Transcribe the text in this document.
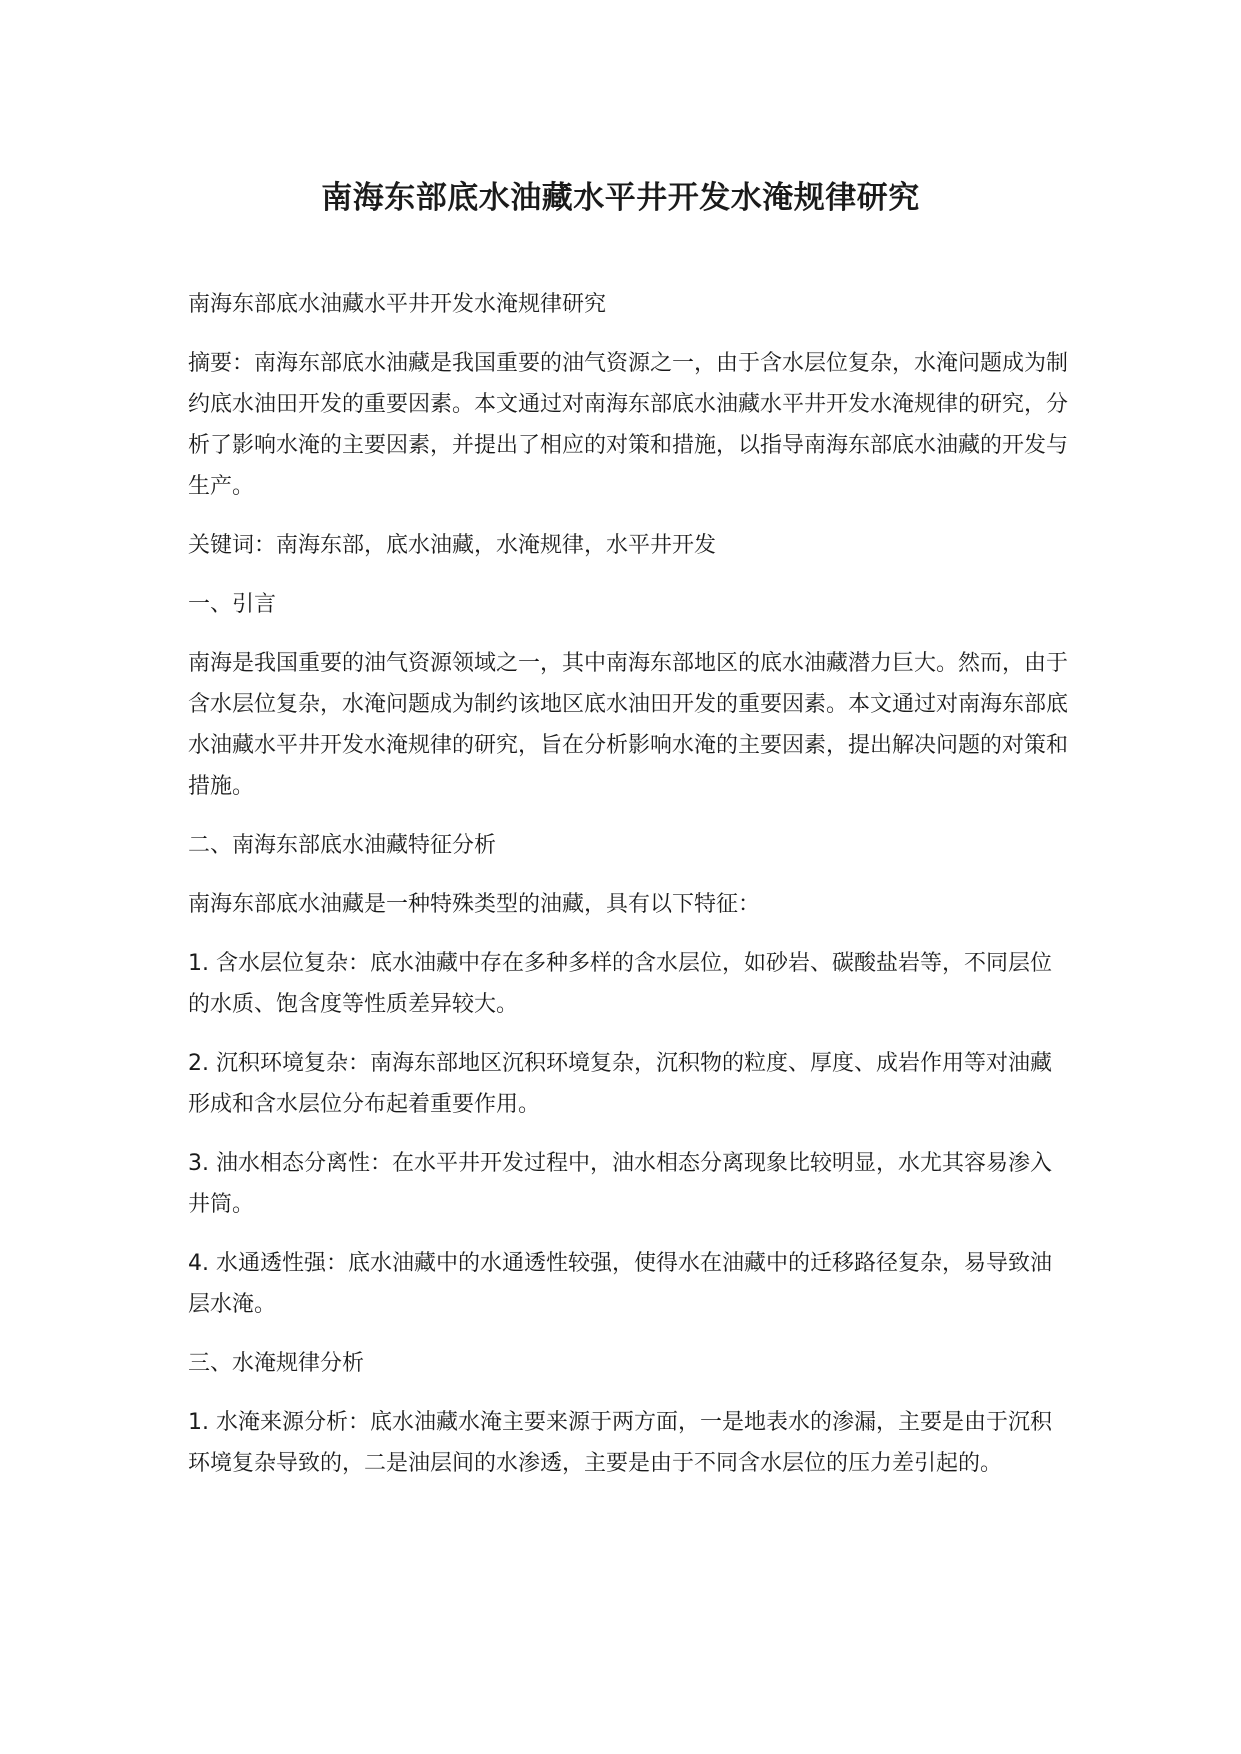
南海东部底水油藏水平井开发水淹规律研究

南海东部底水油藏水平井开发水淹规律研究

摘要：南海东部底水油藏是我国重要的油气资源之一，由于含水层位复杂，水淹问题成为制约底水油田开发的重要因素。本文通过对南海东部底水油藏水平井开发水淹规律的研究，分析了影响水淹的主要因素，并提出了相应的对策和措施，以指导南海东部底水油藏的开发与生产。

关键词：南海东部，底水油藏，水淹规律，水平井开发

一、引言

南海是我国重要的油气资源领域之一，其中南海东部地区的底水油藏潜力巨大。然而，由于含水层位复杂，水淹问题成为制约该地区底水油田开发的重要因素。本文通过对南海东部底水油藏水平井开发水淹规律的研究，旨在分析影响水淹的主要因素，提出解决问题的对策和措施。

二、南海东部底水油藏特征分析

南海东部底水油藏是一种特殊类型的油藏，具有以下特征：

1. 含水层位复杂：底水油藏中存在多种多样的含水层位，如砂岩、碳酸盐岩等，不同层位的水质、饱含度等性质差异较大。

2. 沉积环境复杂：南海东部地区沉积环境复杂，沉积物的粒度、厚度、成岩作用等对油藏形成和含水层位分布起着重要作用。

3. 油水相态分离性：在水平井开发过程中，油水相态分离现象比较明显，水尤其容易渗入井筒。

4. 水通透性强：底水油藏中的水通透性较强，使得水在油藏中的迁移路径复杂，易导致油层水淹。

三、水淹规律分析

1. 水淹来源分析：底水油藏水淹主要来源于两方面，一是地表水的渗漏，主要是由于沉积环境复杂导致的，二是油层间的水渗透，主要是由于不同含水层位的压力差引起的。
